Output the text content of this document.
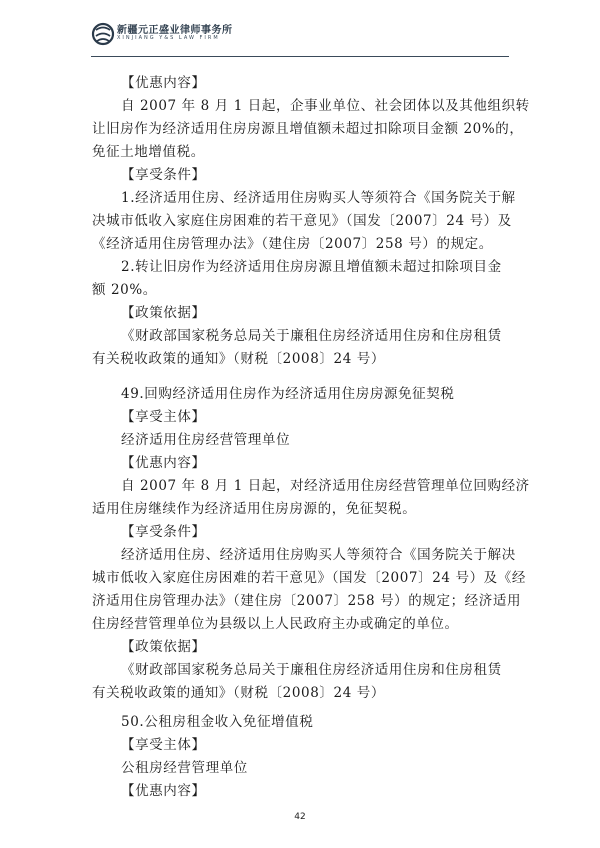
新疆元正盛业律师事务所
XINJIANG Y&S LAW FIRM
【优惠内容】
自 2007 年 8 月 1 日起，企事业单位、社会团体以及其他组织转
让旧房作为经济适用住房房源且增值额未超过扣除项目金额 20%的，
免征土地增值税。
【享受条件】
1.经济适用住房、经济适用住房购买人等须符合《国务院关于解
决城市低收入家庭住房困难的若干意见》（国发〔2007〕24 号）及
《经济适用住房管理办法》（建住房〔2007〕258 号）的规定。
2.转让旧房作为经济适用住房房源且增值额未超过扣除项目金
额 20%。
【政策依据】
《财政部国家税务总局关于廉租住房经济适用住房和住房租赁
有关税收政策的通知》（财税〔2008〕24 号）
49.回购经济适用住房作为经济适用住房房源免征契税
【享受主体】
经济适用住房经营管理单位
【优惠内容】
自 2007 年 8 月 1 日起，对经济适用住房经营管理单位回购经济
适用住房继续作为经济适用住房房源的，免征契税。
【享受条件】
经济适用住房、经济适用住房购买人等须符合《国务院关于解决
城市低收入家庭住房困难的若干意见》（国发〔2007〕24 号）及《经
济适用住房管理办法》（建住房〔2007〕258 号）的规定；经济适用
住房经营管理单位为县级以上人民政府主办或确定的单位。
【政策依据】
《财政部国家税务总局关于廉租住房经济适用住房和住房租赁
有关税收政策的通知》（财税〔2008〕24 号）
50.公租房租金收入免征增值税
【享受主体】
公租房经营管理单位
【优惠内容】
42
